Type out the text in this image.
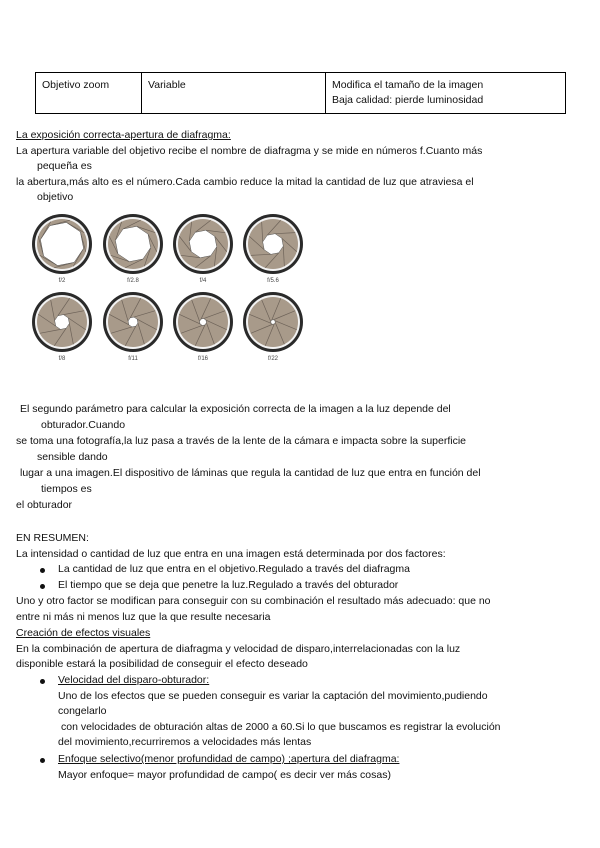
Objetivo zoom	Variable	Modifica el tamaño de la imagen
Baja calidad: pierde luminosidad
La exposición correcta-apertura de diafragma:
La apertura variable del objetivo recibe el nombre de diafragma y se mide en números f.Cuanto más
pequeña es
la abertura,más alto es el número.Cada cambio reduce la mitad la cantidad de luz que atraviesa el
objetivo
f/2	f/2.8	f/4	f/5.6
f/8	f/11	f/16	f/22
El segundo parámetro para calcular la exposición correcta de la imagen a la luz depende del
obturador.Cuando
se toma una fotografía,la luz pasa a través de la lente de la cámara e impacta sobre la superficie
sensible dando
lugar a una imagen.El dispositivo de láminas que regula la cantidad de luz que entra en función del
tiempos es
el obturador
EN RESUMEN:
La intensidad o cantidad de luz que entra en una imagen está determinada por dos factores:
La cantidad de luz que entra en el objetivo.Regulado a través del diafragma
El tiempo que se deja que penetre la luz.Regulado a través del obturador
Uno y otro factor se modifican para conseguir con su combinación el resultado más adecuado: que no
entre ni más ni menos luz que la que resulte necesaria
Creación de efectos visuales
En la combinación de apertura de diafragma y velocidad de disparo,interrelacionadas con la luz
disponible estará la posibilidad de conseguir el efecto deseado
Velocidad del disparo-obturador:
Uno de los efectos que se pueden conseguir es variar la captación del movimiento,pudiendo
congelarlo
con velocidades de obturación altas de 2000 a 60.Si lo que buscamos es registrar la evolución
del movimiento,recurriremos a velocidades más lentas
Enfoque selectivo(menor profundidad de campo) ;apertura del diafragma:
Mayor enfoque= mayor profundidad de campo( es decir ver más cosas)
